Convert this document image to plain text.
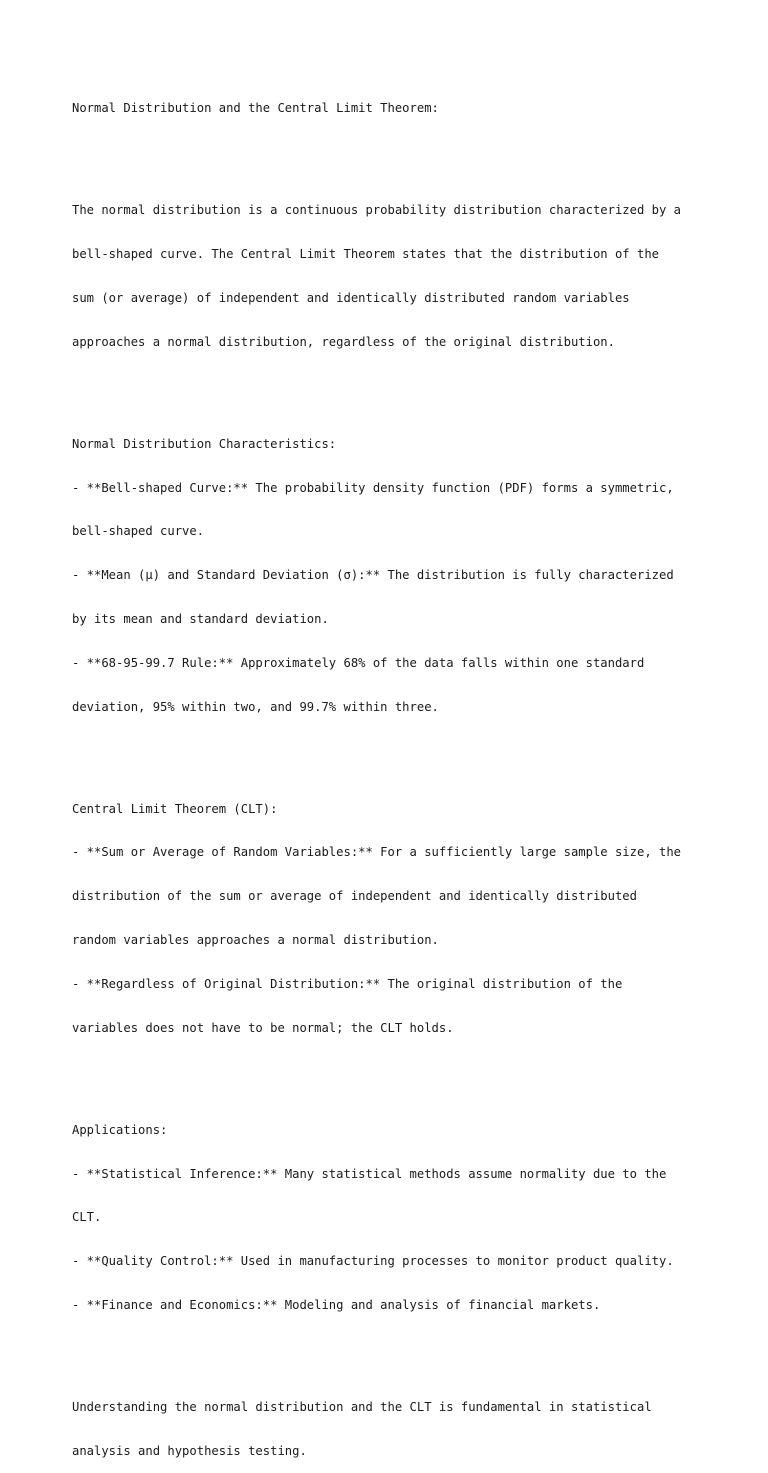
Normal Distribution and the Central Limit Theorem:

The normal distribution is a continuous probability distribution characterized by a

bell-shaped curve. The Central Limit Theorem states that the distribution of the

sum (or average) of independent and identically distributed random variables

approaches a normal distribution, regardless of the original distribution.

Normal Distribution Characteristics:

- **Bell-shaped Curve:** The probability density function (PDF) forms a symmetric,

bell-shaped curve.

- **Mean (μ) and Standard Deviation (σ):** The distribution is fully characterized

by its mean and standard deviation.

- **68-95-99.7 Rule:** Approximately 68% of the data falls within one standard

deviation, 95% within two, and 99.7% within three.

Central Limit Theorem (CLT):

- **Sum or Average of Random Variables:** For a sufficiently large sample size, the

distribution of the sum or average of independent and identically distributed

random variables approaches a normal distribution.

- **Regardless of Original Distribution:** The original distribution of the

variables does not have to be normal; the CLT holds.

Applications:

- **Statistical Inference:** Many statistical methods assume normality due to the

CLT.

- **Quality Control:** Used in manufacturing processes to monitor product quality.

- **Finance and Economics:** Modeling and analysis of financial markets.

Understanding the normal distribution and the CLT is fundamental in statistical

analysis and hypothesis testing.
